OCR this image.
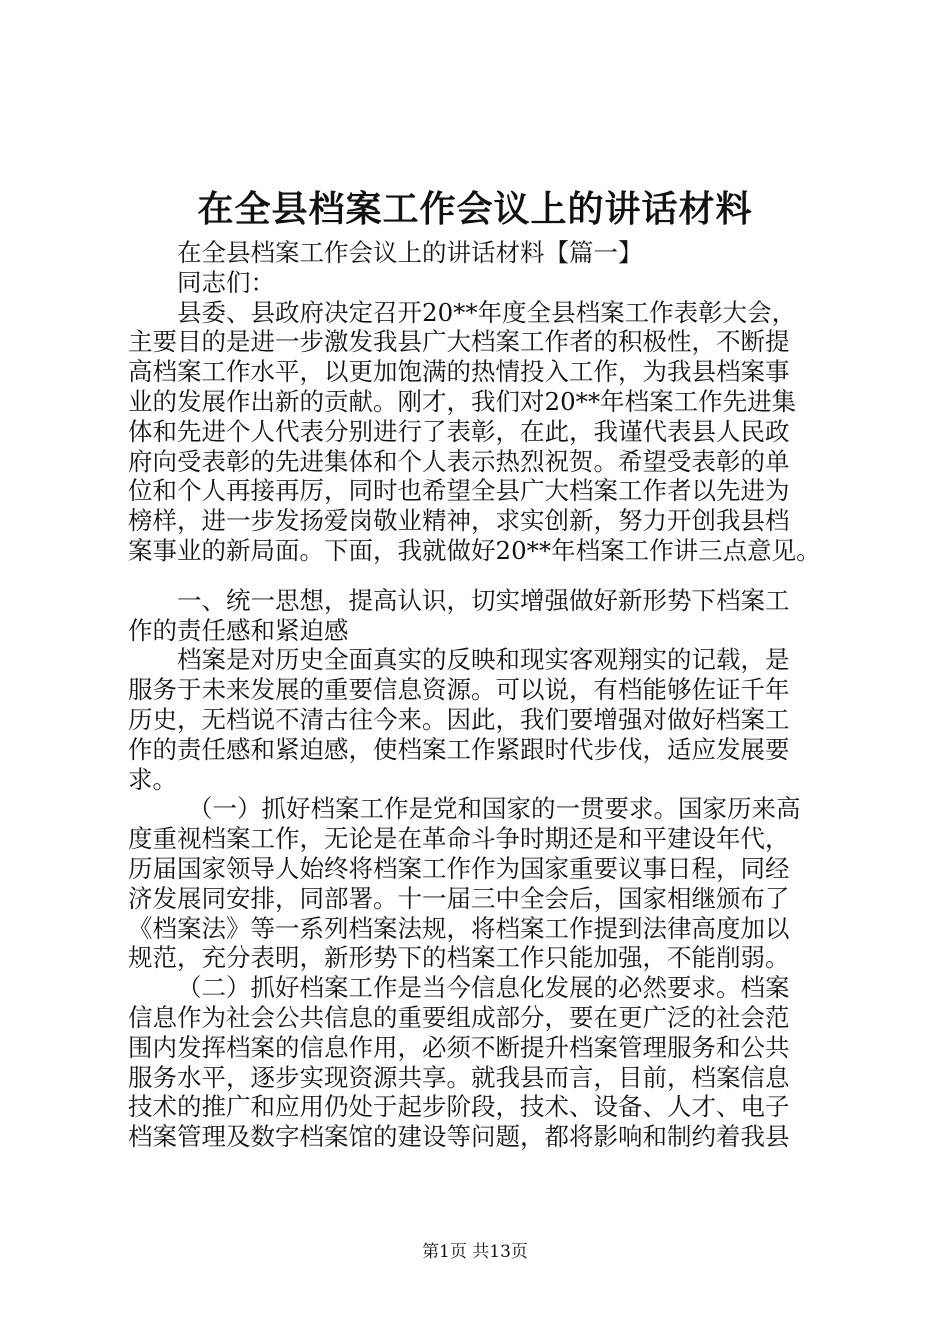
在全县档案工作会议上的讲话材料
在全县档案工作会议上的讲话材料【篇一】
同志们：
县委、县政府决定召开20**年度全县档案工作表彰大会，
主要目的是进一步激发我县广大档案工作者的积极性，不断提
高档案工作水平，以更加饱满的热情投入工作，为我县档案事
业的发展作出新的贡献。刚才，我们对20**年档案工作先进集
体和先进个人代表分别进行了表彰，在此，我谨代表县人民政
府向受表彰的先进集体和个人表示热烈祝贺。希望受表彰的单
位和个人再接再厉，同时也希望全县广大档案工作者以先进为
榜样，进一步发扬爱岗敬业精神，求实创新，努力开创我县档
案事业的新局面。下面，我就做好20**年档案工作讲三点意见。
一、统一思想，提高认识，切实增强做好新形势下档案工
作的责任感和紧迫感
档案是对历史全面真实的反映和现实客观翔实的记载，是
服务于未来发展的重要信息资源。可以说，有档能够佐证千年
历史，无档说不清古往今来。因此，我们要增强对做好档案工
作的责任感和紧迫感，使档案工作紧跟时代步伐，适应发展要
求。
（一）抓好档案工作是党和国家的一贯要求。国家历来高
度重视档案工作，无论是在革命斗争时期还是和平建设年代，
历届国家领导人始终将档案工作作为国家重要议事日程，同经
济发展同安排，同部署。十一届三中全会后，国家相继颁布了
《档案法》等一系列档案法规，将档案工作提到法律高度加以
规范，充分表明，新形势下的档案工作只能加强，不能削弱。
（二）抓好档案工作是当今信息化发展的必然要求。档案
信息作为社会公共信息的重要组成部分，要在更广泛的社会范
围内发挥档案的信息作用，必须不断提升档案管理服务和公共
服务水平，逐步实现资源共享。就我县而言，目前，档案信息
技术的推广和应用仍处于起步阶段，技术、设备、人才、电子
档案管理及数字档案馆的建设等问题，都将影响和制约着我县
第1页 共13页
